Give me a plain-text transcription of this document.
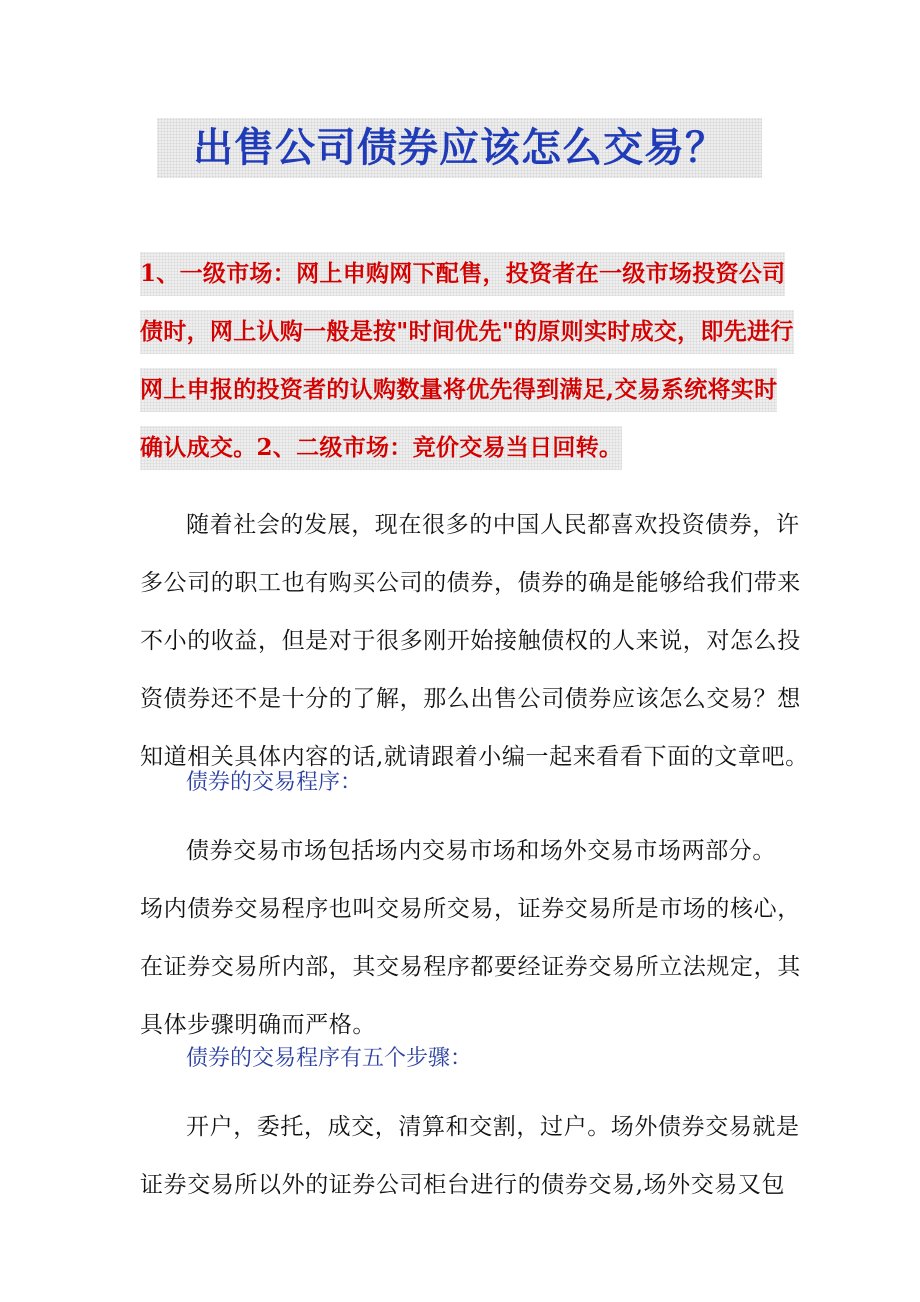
出售公司债券应该怎么交易？
1、一级市场：网上申购网下配售，投资者在一级市场投资公司
债时，网上认购一般是按"时间优先"的原则实时成交，即先进行
网上申报的投资者的认购数量将优先得到满足,交易系统将实时
确认成交。2、二级市场：竞价交易当日回转。
随着社会的发展，现在很多的中国人民都喜欢投资债券，许
多公司的职工也有购买公司的债券，债券的确是能够给我们带来
不小的收益，但是对于很多刚开始接触债权的人来说，对怎么投
资债券还不是十分的了解，那么出售公司债券应该怎么交易？想
知道相关具体内容的话,就请跟着小编一起来看看下面的文章吧。
债券的交易程序：
债券交易市场包括场内交易市场和场外交易市场两部分。
场内债券交易程序也叫交易所交易，证券交易所是市场的核心，
在证券交易所内部，其交易程序都要经证券交易所立法规定，其
具体步骤明确而严格。
债券的交易程序有五个步骤：
开户，委托，成交，清算和交割，过户。场外债券交易就是
证券交易所以外的证券公司柜台进行的债券交易,场外交易又包
